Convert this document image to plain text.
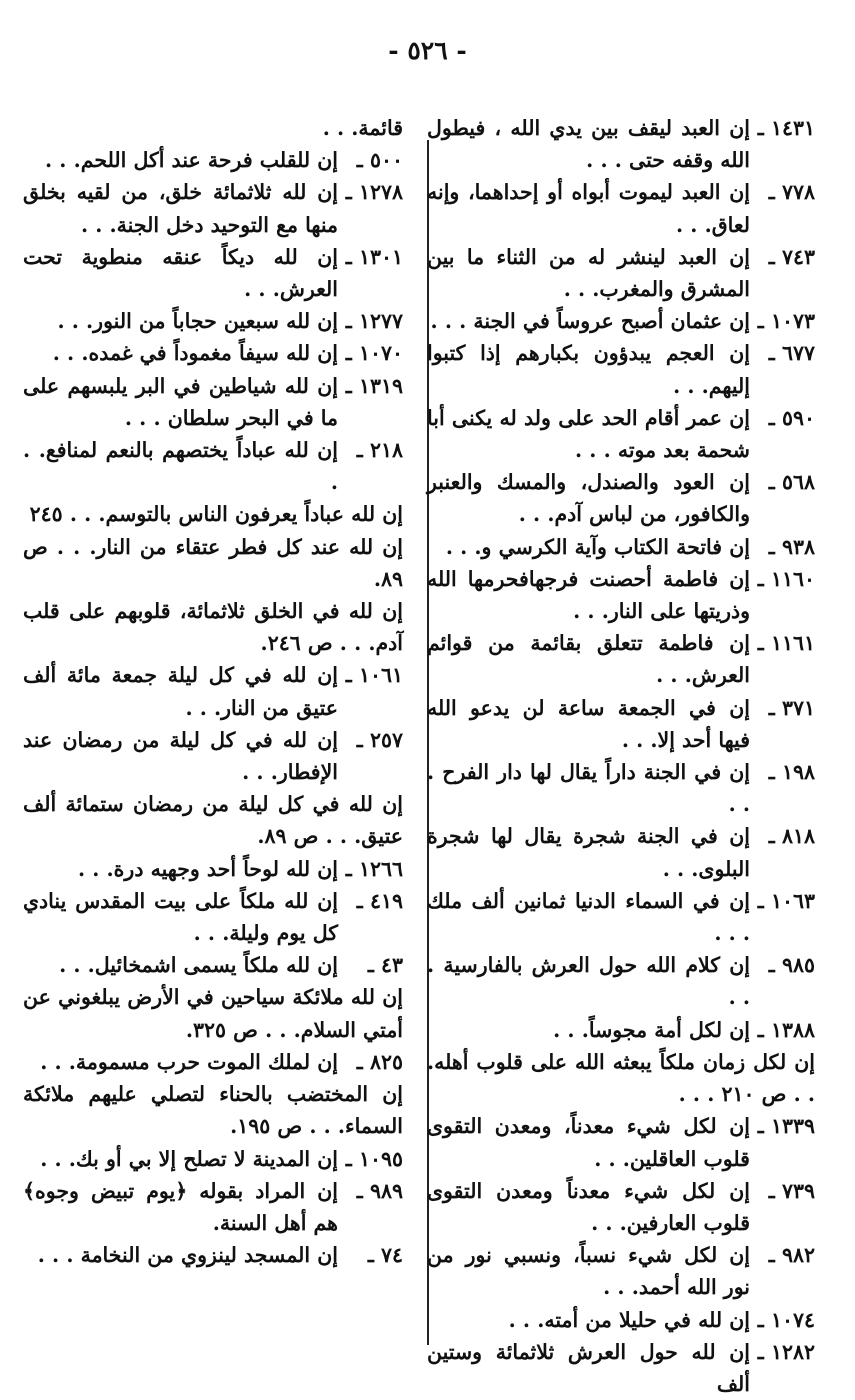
- ٥٢٦ -
١٤٣١ ـ
إن العبد ليقف بين يدي الله ، فيطول الله وقفه حتى . . .
٧٧٨ ـ
إن العبد ليموت أبواه أو إحداهما، وإنه لعاق. . .
٧٤٣ ـ
إن العبد لينشر له من الثناء ما بين المشرق والمغرب. . .
١٠٧٣ ـ
إن عثمان أصبح عروساً في الجنة . . .
٦٧٧ ـ
إن العجم يبدؤون بكبارهم إذا كتبوا إليهم. . .
٥٩٠ ـ
إن عمر أقام الحد على ولد له يكنى أبا شحمة بعد موته . . .
٥٦٨ ـ
إن العود والصندل، والمسك والعنبر والكافور، من لباس آدم. . .
٩٣٨ ـ
إن فاتحة الكتاب وآية الكرسي و. . .
١١٦٠ ـ
إن فاطمة أحصنت فرجهافحرمها الله وذريتها على النار. . .
١١٦١ ـ
إن فاطمة تتعلق بقائمة من قوائم العرش. . .
٣٧١ ـ
إن في الجمعة ساعة لن يدعو الله فيها أحد إلا. . .
١٩٨ ـ
إن في الجنة داراً يقال لها دار الفرح . . .
٨١٨ ـ
إن في الجنة شجرة يقال لها شجرة البلوى. . .
١٠٦٣ ـ
إن في السماء الدنيا ثمانين ألف ملك . . .
٩٨٥ ـ
إن كلام الله حول العرش بالفارسية . . .
١٣٨٨ ـ
إن لكل أمة مجوساً. . .
إن لكل زمان ملكاً يبعثه الله على قلوب أهله. . . ص ٢١٠ . . .
١٣٣٩ ـ
إن لكل شيء معدناً، ومعدن التقوى قلوب العاقلين. . .
٧٣٩ ـ
إن لكل شيء معدناً ومعدن التقوى قلوب العارفين. . .
٩٨٢ ـ
إن لكل شيء نسباً، ونسبي نور من نور الله أحمد. . .
١٠٧٤ ـ
إن لله في حليلا من أمته. . .
١٢٨٢ ـ
إن لله حول العرش ثلاثمائة وستين ألف
قائمة. . .
٥٠٠ ـ
إن للقلب فرحة عند أكل اللحم. . .
١٢٧٨ ـ
إن لله ثلاثمائة خلق، من لقيه بخلق منها مع التوحيد دخل الجنة. . .
١٣٠١ ـ
إن لله ديكاً عنقه منطوية تحت العرش. . .
١٢٧٧ ـ
إن لله سبعين حجاباً من النور. . .
١٠٧٠ ـ
إن لله سيفاً مغموداً في غمده. . .
١٣١٩ ـ
إن لله شياطين في البر يلبسهم على ما في البحر سلطان . . .
٢١٨ ـ
إن لله عباداً يختصهم بالنعم لمنافع. . .
إن لله عباداً يعرفون الناس بالتوسم. . . ٢٤٥
إن لله عند كل فطر عتقاء من النار. . . ص ٨٩.
إن لله في الخلق ثلاثمائة، قلوبهم على قلب آدم. . . ص ٢٤٦.
١٠٦١ ـ
إن لله في كل ليلة جمعة مائة ألف عتيق من النار. . .
٢٥٧ ـ
إن لله في كل ليلة من رمضان عند الإفطار. . .
إن لله في كل ليلة من رمضان ستمائة ألف عتيق. . . ص ٨٩.
١٢٦٦ ـ
إن لله لوحاً أحد وجهيه درة. . .
٤١٩ ـ
إن لله ملكاً على بيت المقدس ينادي كل يوم وليلة. . .
٤٣ ـ
إن لله ملكاً يسمى اشمخائيل. . .
إن لله ملائكة سياحين في الأرض يبلغوني عن أمتي السلام. . . ص ٣٢٥.
٨٢٥ ـ
إن لملك الموت حرب مسمومة. . .
إن المختضب بالحناء لتصلي عليهم ملائكة السماء. . . ص ١٩٥.
١٠٩٥ ـ
إن المدينة لا تصلح إلا بي أو بك. . .
٩٨٩ ـ
إن المراد بقوله ﴿يوم تبيض وجوه﴾ هم أهل السنة.
٧٤ ـ
إن المسجد لينزوي من النخامة . . .
